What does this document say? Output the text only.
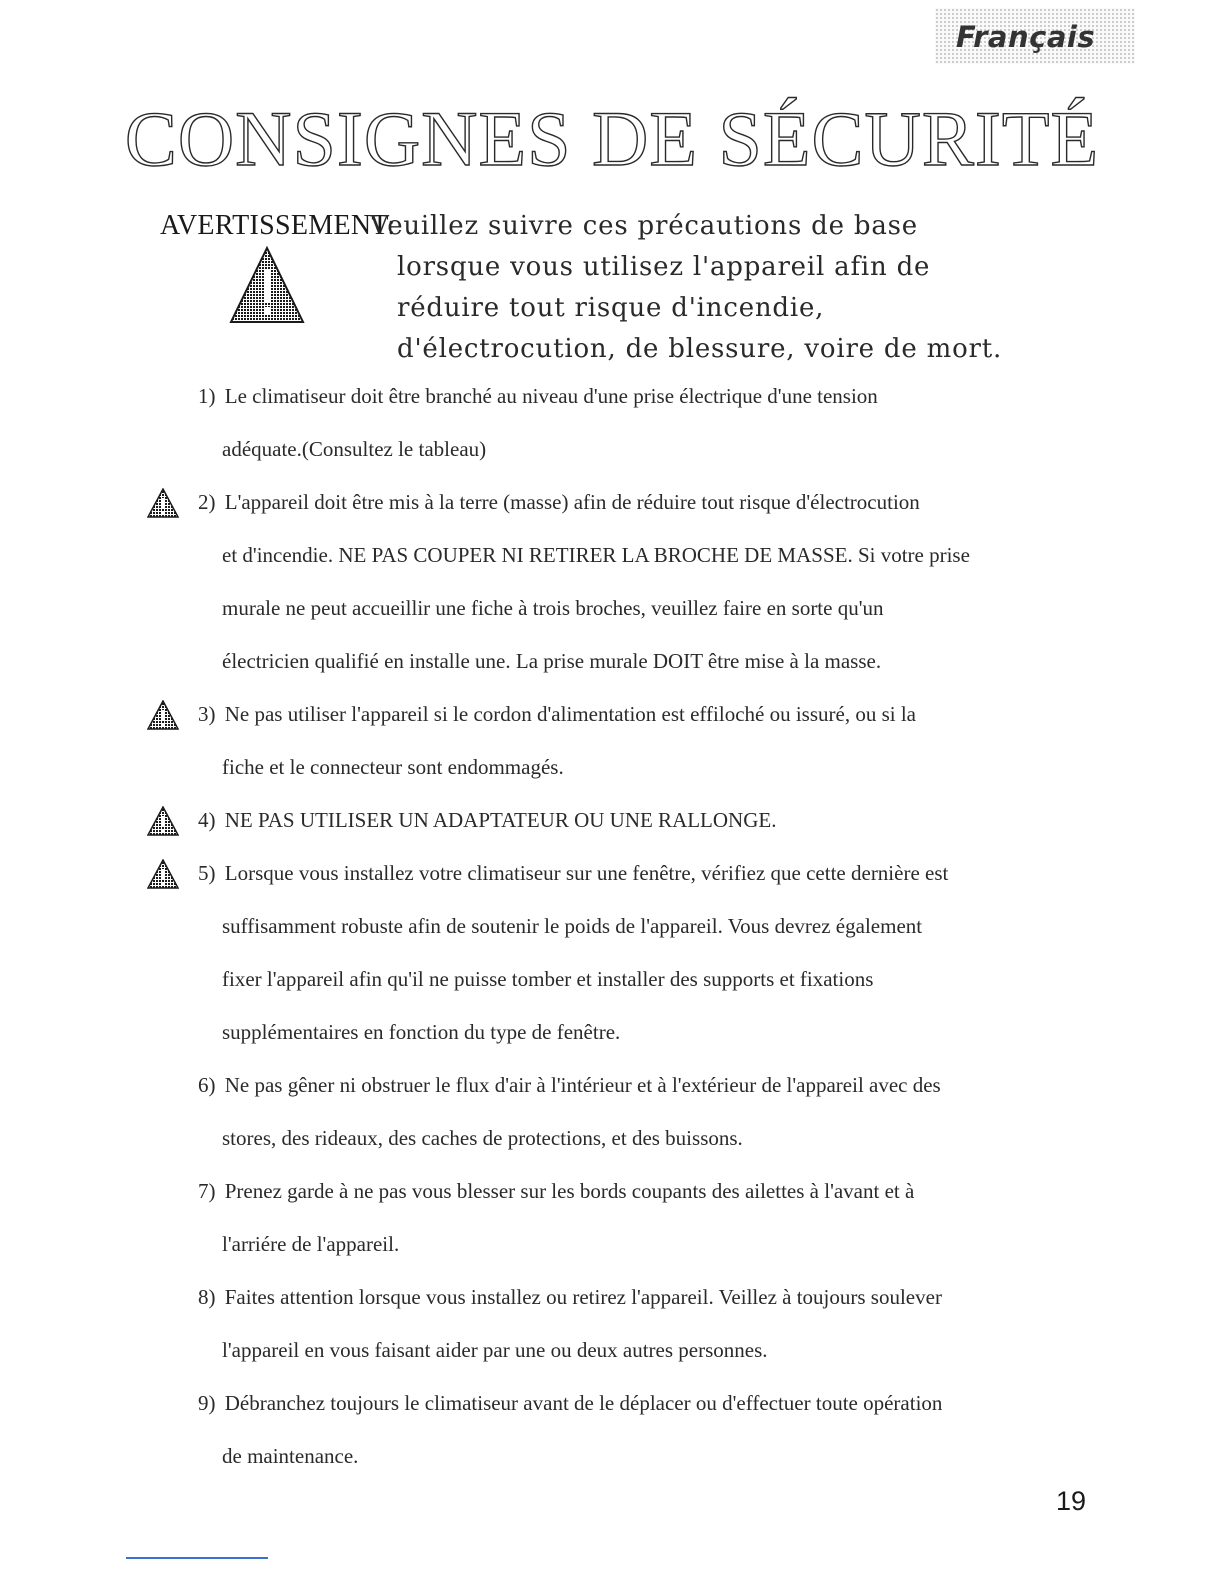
Français
CONSIGNES DE SÉCURITÉ
AVERTISSEMENT:

Veuillez suivre ces précautions de base
lorsque vous utilisez l'appareil afin de
réduire tout risque d'incendie,
d'électrocution, de blessure, voire de mort.

1) Le climatiseur doit être branché au niveau d'une prise électrique d'une tension
adéquate.(Consultez le tableau)
2) L'appareil doit être mis à la terre (masse) afin de réduire tout risque d'électrocution
et d'incendie. NE PAS COUPER NI RETIRER LA BROCHE DE MASSE. Si votre prise
murale ne peut accueillir une fiche à trois broches, veuillez faire en sorte qu'un
électricien qualifié en installe une. La prise murale DOIT être mise à la masse.
3) Ne pas utiliser l'appareil si le cordon d'alimentation est effiloché ou issuré, ou si la
fiche et le connecteur sont endommagés.
4) NE PAS UTILISER UN ADAPTATEUR OU UNE RALLONGE.
5) Lorsque vous installez votre climatiseur sur une fenêtre, vérifiez que cette dernière est
suffisamment robuste afin de soutenir le poids de l'appareil. Vous devrez également
fixer l'appareil afin qu'il ne puisse tomber et installer des supports et fixations
supplémentaires en fonction du type de fenêtre.
6) Ne pas gêner ni obstruer le flux d'air à l'intérieur et à l'extérieur de l'appareil avec des
stores, des rideaux, des caches de protections, et des buissons.
7) Prenez garde à ne pas vous blesser sur les bords coupants des ailettes à l'avant et à
l'arriére de l'appareil.
8) Faites attention lorsque vous installez ou retirez l'appareil. Veillez à toujours soulever
l'appareil en vous faisant aider par une ou deux autres personnes.
9) Débranchez toujours le climatiseur avant de le déplacer ou d'effectuer toute opération
de maintenance.
19
